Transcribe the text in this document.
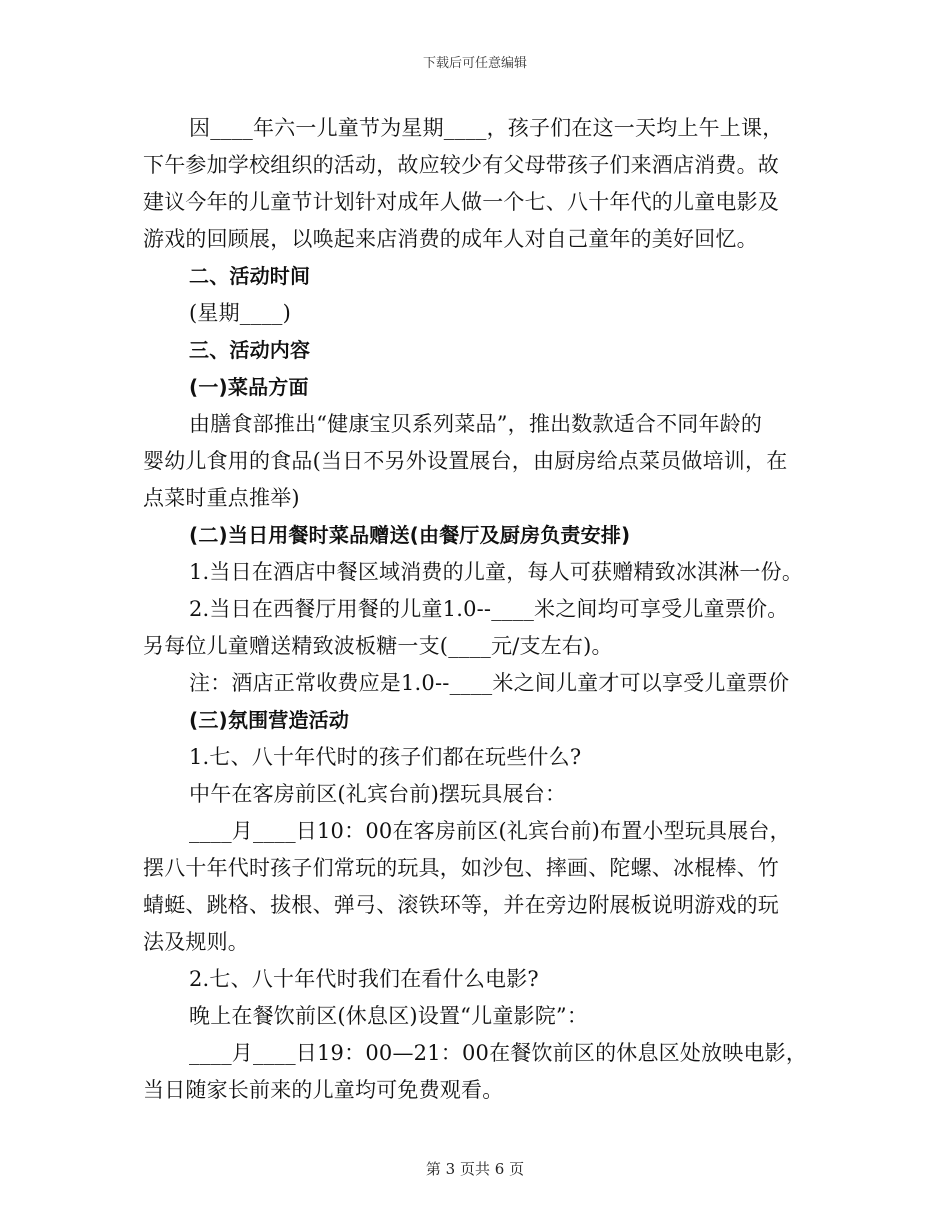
下载后可任意编辑
因____年六一儿童节为星期____，孩子们在这一天均上午上课，
下午参加学校组织的活动，故应较少有父母带孩子们来酒店消费。故
建议今年的儿童节计划针对成年人做一个七、八十年代的儿童电影及
游戏的回顾展，以唤起来店消费的成年人对自己童年的美好回忆。
二、活动时间
(星期____)
三、活动内容
(一)菜品方面
由膳食部推出“健康宝贝系列菜品”，推出数款适合不同年龄的
婴幼儿食用的食品(当日不另外设置展台，由厨房给点菜员做培训，在
点菜时重点推举)
(二)当日用餐时菜品赠送(由餐厅及厨房负责安排)
1.当日在酒店中餐区域消费的儿童，每人可获赠精致冰淇淋一份。
2.当日在西餐厅用餐的儿童1.0--____米之间均可享受儿童票价。
另每位儿童赠送精致波板糖一支(____元/支左右)。
注：酒店正常收费应是1.0--____米之间儿童才可以享受儿童票价
(三)氛围营造活动
1.七、八十年代时的孩子们都在玩些什么?
中午在客房前区(礼宾台前)摆玩具展台：
____月____日10：00在客房前区(礼宾台前)布置小型玩具展台，
摆八十年代时孩子们常玩的玩具，如沙包、摔画、陀螺、冰棍棒、竹
蜻蜓、跳格、拔根、弹弓、滚铁环等，并在旁边附展板说明游戏的玩
法及规则。
2.七、八十年代时我们在看什么电影?
晚上在餐饮前区(休息区)设置“儿童影院”：
____月____日19：00—21：00在餐饮前区的休息区处放映电影，
当日随家长前来的儿童均可免费观看。
第 3 页共 6 页
